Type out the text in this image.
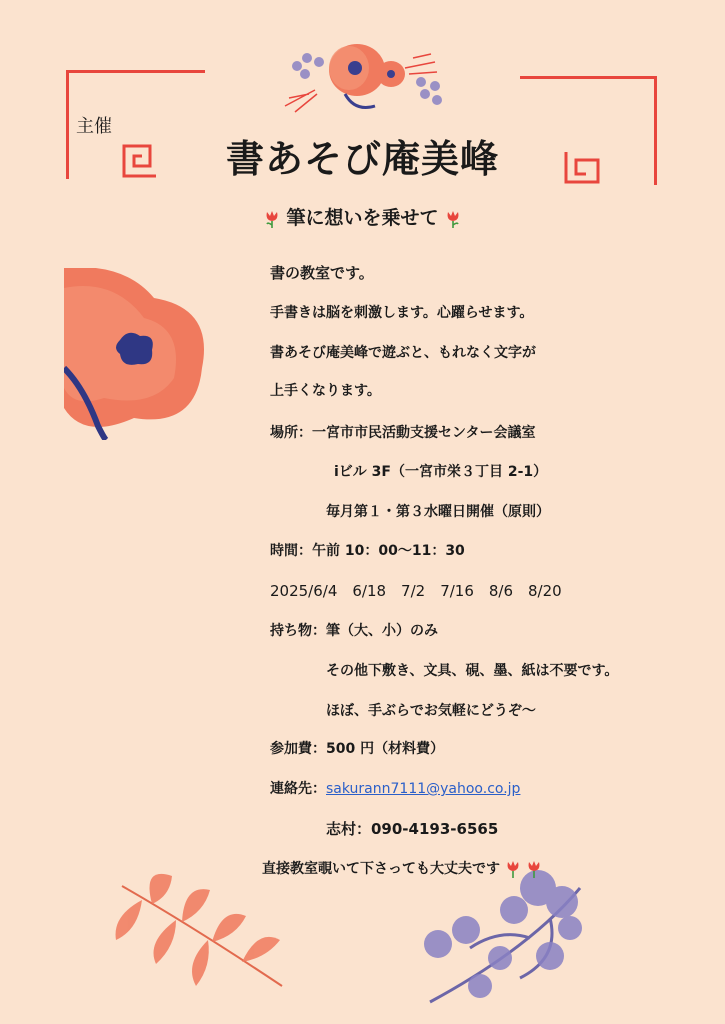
主催
書あそび庵美峰
筆に想いを乗せて
書の教室です。
手書きは脳を刺激します。心躍らせます。
書あそび庵美峰で遊ぶと、もれなく文字が
上手くなります。
場所：一宮市市民活動支援センター会議室
iビル 3F（一宮市栄３丁目 2-1）
毎月第１・第３水曜日開催（原則）
時間：午前 10：00～11：30
2025/6/4　6/18　7/2　7/16　8/6　8/20
持ち物：筆（大、小）のみ
その他下敷き、文具、硯、墨、紙は不要です。
ほぼ、手ぶらでお気軽にどうぞ～
参加費：500 円（材料費）
連絡先：sakurann7111@yahoo.co.jp
志村：090-4193-6565
直接教室覗いて下さっても大丈夫です
